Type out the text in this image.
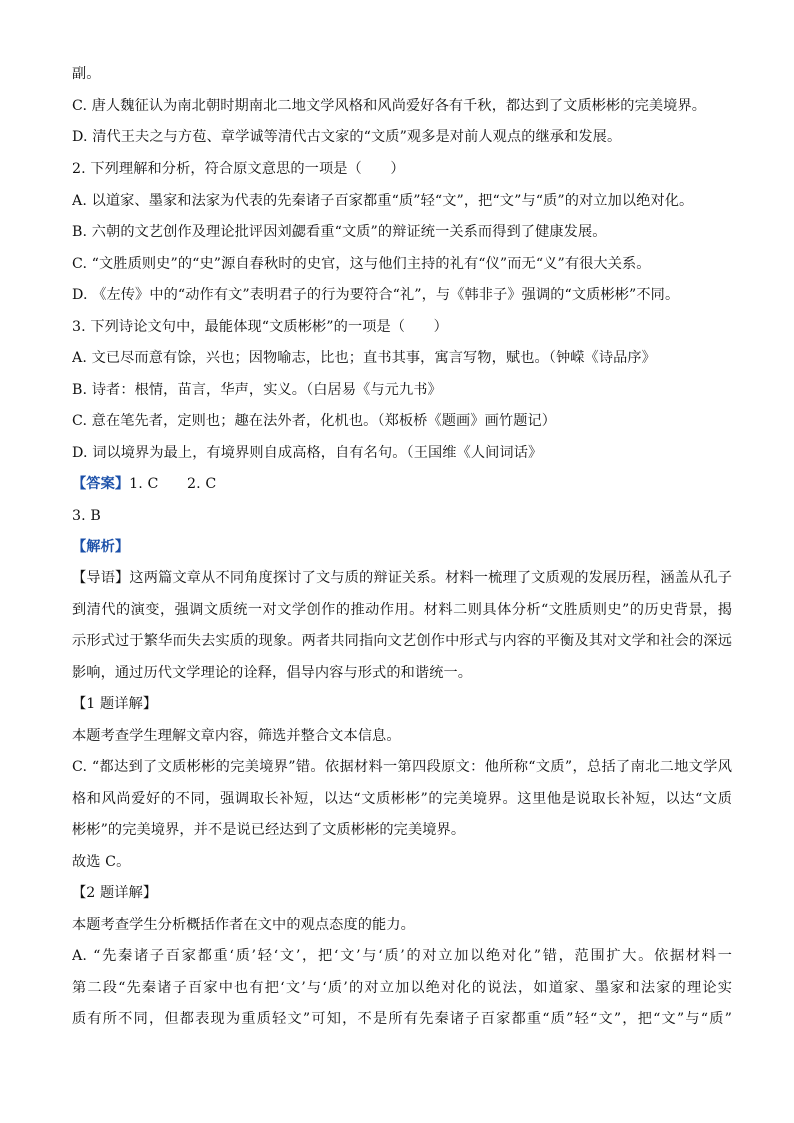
副。
C. 唐人魏征认为南北朝时期南北二地文学风格和风尚爱好各有千秋，都达到了文质彬彬的完美境界。
D. 清代王夫之与方苞、章学诚等清代古文家的“文质”观多是对前人观点的继承和发展。
2. 下列理解和分析，符合原文意思的一项是（　　）
A. 以道家、墨家和法家为代表的先秦诸子百家都重“质”轻“文”，把“文”与“质”的对立加以绝对化。
B. 六朝的文艺创作及理论批评因刘勰看重“文质”的辩证统一关系而得到了健康发展。
C. “文胜质则史”的“史”源自春秋时的史官，这与他们主持的礼有“仪”而无“义”有很大关系。
D. 《左传》中的“动作有文”表明君子的行为要符合“礼”，与《韩非子》强调的“文质彬彬”不同。
3. 下列诗论文句中，最能体现“文质彬彬”的一项是（　　）
A. 文已尽而意有馀，兴也；因物喻志，比也；直书其事，寓言写物，赋也。（钟嵘《诗品序》
B. 诗者：根情，苗言，华声，实义。（白居易《与元九书》
C. 意在笔先者，定则也；趣在法外者，化机也。（郑板桥《题画》画竹题记）
D. 词以境界为最上，有境界则自成高格，自有名句。（王国维《人间词话》
【答案】1. C　　2. C
3. B
【解析】
【导语】这两篇文章从不同角度探讨了文与质的辩证关系。材料一梳理了文质观的发展历程，涵盖从孔子
到清代的演变，强调文质统一对文学创作的推动作用。材料二则具体分析“文胜质则史”的历史背景，揭
示形式过于繁华而失去实质的现象。两者共同指向文艺创作中形式与内容的平衡及其对文学和社会的深远
影响，通过历代文学理论的诠释，倡导内容与形式的和谐统一。
【1 题详解】
本题考查学生理解文章内容，筛选并整合文本信息。
C. “都达到了文质彬彬的完美境界”错。依据材料一第四段原文：他所称“文质”，总括了南北二地文学风
格和风尚爱好的不同，强调取长补短，以达“文质彬彬”的完美境界。这里他是说取长补短，以达“文质
彬彬”的完美境界，并不是说已经达到了文质彬彬的完美境界。
故选 C。
【2 题详解】
本题考查学生分析概括作者在文中的观点态度的能力。
A. “先秦诸子百家都重‘质’轻‘文’，把‘文’与‘质’的对立加以绝对化”错，范围扩大。依据材料一
第二段“先秦诸子百家中也有把‘文’与‘质’的对立加以绝对化的说法，如道家、墨家和法家的理论实
质有所不同，但都表现为重质轻文”可知，不是所有先秦诸子百家都重“质”轻“文”，把“文”与“质”
